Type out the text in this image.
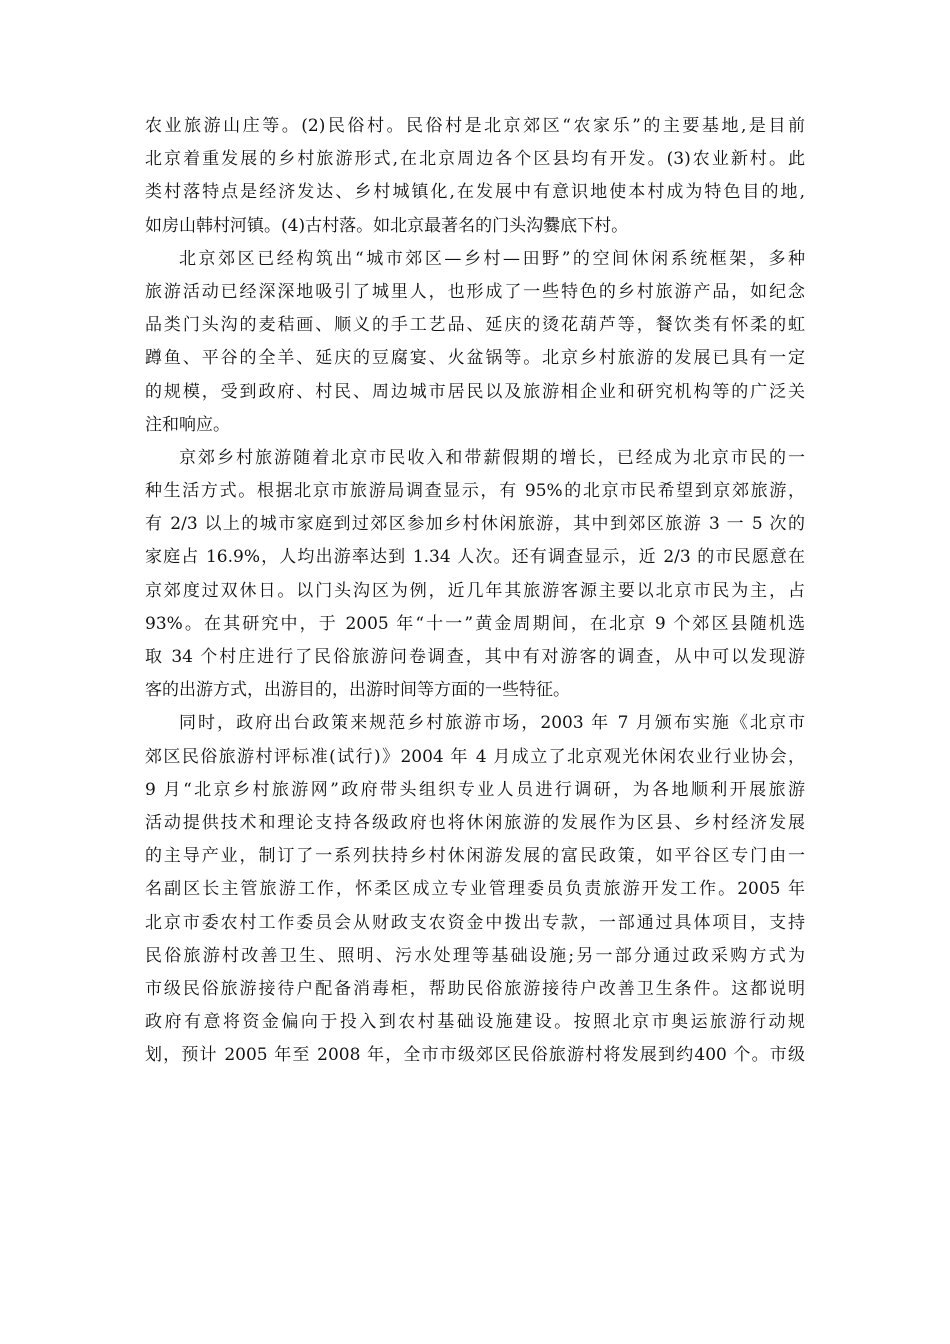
农业旅游山庄等。(2)民俗村。民俗村是北京郊区“农家乐”的主要基地,是目前
北京着重发展的乡村旅游形式,在北京周边各个区县均有开发。(3)农业新村。此
类村落特点是经济发达、乡村城镇化,在发展中有意识地使本村成为特色目的地,
如房山韩村河镇。(4)古村落。如北京最著名的门头沟爨底下村。
北京郊区已经构筑出“城市郊区—乡村—田野”的空间休闲系统框架，多种
旅游活动已经深深地吸引了城里人，也形成了一些特色的乡村旅游产品，如纪念
品类门头沟的麦秸画、顺义的手工艺品、延庆的烫花葫芦等，餐饮类有怀柔的虹
蹲鱼、平谷的全羊、延庆的豆腐宴、火盆锅等。北京乡村旅游的发展已具有一定
的规模，受到政府、村民、周边城市居民以及旅游相企业和研究机构等的广泛关
注和响应。
京郊乡村旅游随着北京市民收入和带薪假期的增长，已经成为北京市民的一
种生活方式。根据北京市旅游局调查显示，有 95%的北京市民希望到京郊旅游，
有 2/3 以上的城市家庭到过郊区参加乡村休闲旅游，其中到郊区旅游 3 一 5 次的
家庭占 16.9%，人均出游率达到 1.34 人次。还有调查显示，近 2/3 的市民愿意在
京郊度过双休日。以门头沟区为例，近几年其旅游客源主要以北京市民为主，占
93%。在其研究中，于 2005 年“十一”黄金周期间，在北京 9 个郊区县随机选
取 34 个村庄进行了民俗旅游问卷调查，其中有对游客的调查，从中可以发现游
客的出游方式，出游目的，出游时间等方面的一些特征。
同时，政府出台政策来规范乡村旅游市场，2003 年 7 月颁布实施《北京市
郊区民俗旅游村评标准(试行)》2004 年 4 月成立了北京观光休闲农业行业协会，
9 月“北京乡村旅游网”政府带头组织专业人员进行调研，为各地顺利开展旅游
活动提供技术和理论支持各级政府也将休闲旅游的发展作为区县、乡村经济发展
的主导产业，制订了一系列扶持乡村休闲游发展的富民政策，如平谷区专门由一
名副区长主管旅游工作，怀柔区成立专业管理委员负责旅游开发工作。2005 年
北京市委农村工作委员会从财政支农资金中拨出专款，一部通过具体项目，支持
民俗旅游村改善卫生、照明、污水处理等基础设施;另一部分通过政采购方式为
市级民俗旅游接待户配备消毒柜，帮助民俗旅游接待户改善卫生条件。这都说明
政府有意将资金偏向于投入到农村基础设施建设。按照北京市奥运旅游行动规
划，预计 2005 年至 2008 年，全市市级郊区民俗旅游村将发展到约400 个。市级
